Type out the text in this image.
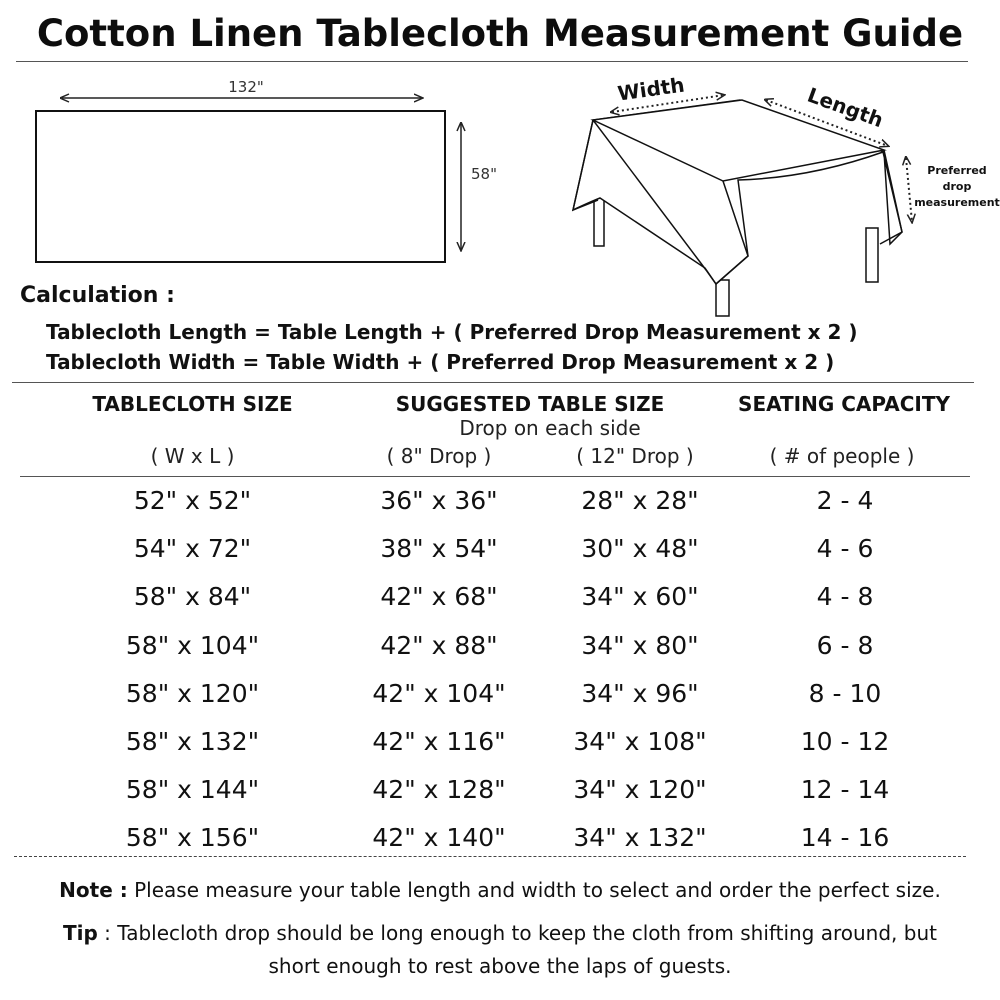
Cotton Linen Tablecloth Measurement Guide
132"
58"
Width	Length
Preferred
drop
measurement
Calculation :
Tablecloth Length = Table Length + ( Preferred Drop Measurement x 2 )
Tablecloth Width = Table Width + ( Preferred Drop Measurement x 2 )
TABLECLOTH SIZE	SUGGESTED TABLE SIZE	SEATING CAPACITY
Drop on each side
( W x L )	( 8" Drop )	( 12" Drop )	( # of people )
52" x 52"	36" x 36"	28" x 28"	2 - 4
54" x 72"	38" x 54"	30" x 48"	4 - 6
58" x 84"	42" x 68"	34" x 60"	4 - 8
58" x 104"	42" x 88"	34" x 80"	6 - 8
58" x 120"	42" x 104"	34" x 96"	8 - 10
58" x 132"	42" x 116"	34" x 108"	10 - 12
58" x 144"	42" x 128"	34" x 120"	12 - 14
58" x 156"	42" x 140"	34" x 132"	14 - 16
Note : Please measure your table length and width to select and order the perfect size.
Tip : Tablecloth drop should be long enough to keep the cloth from shifting around, but
short enough to rest above the laps of guests.
